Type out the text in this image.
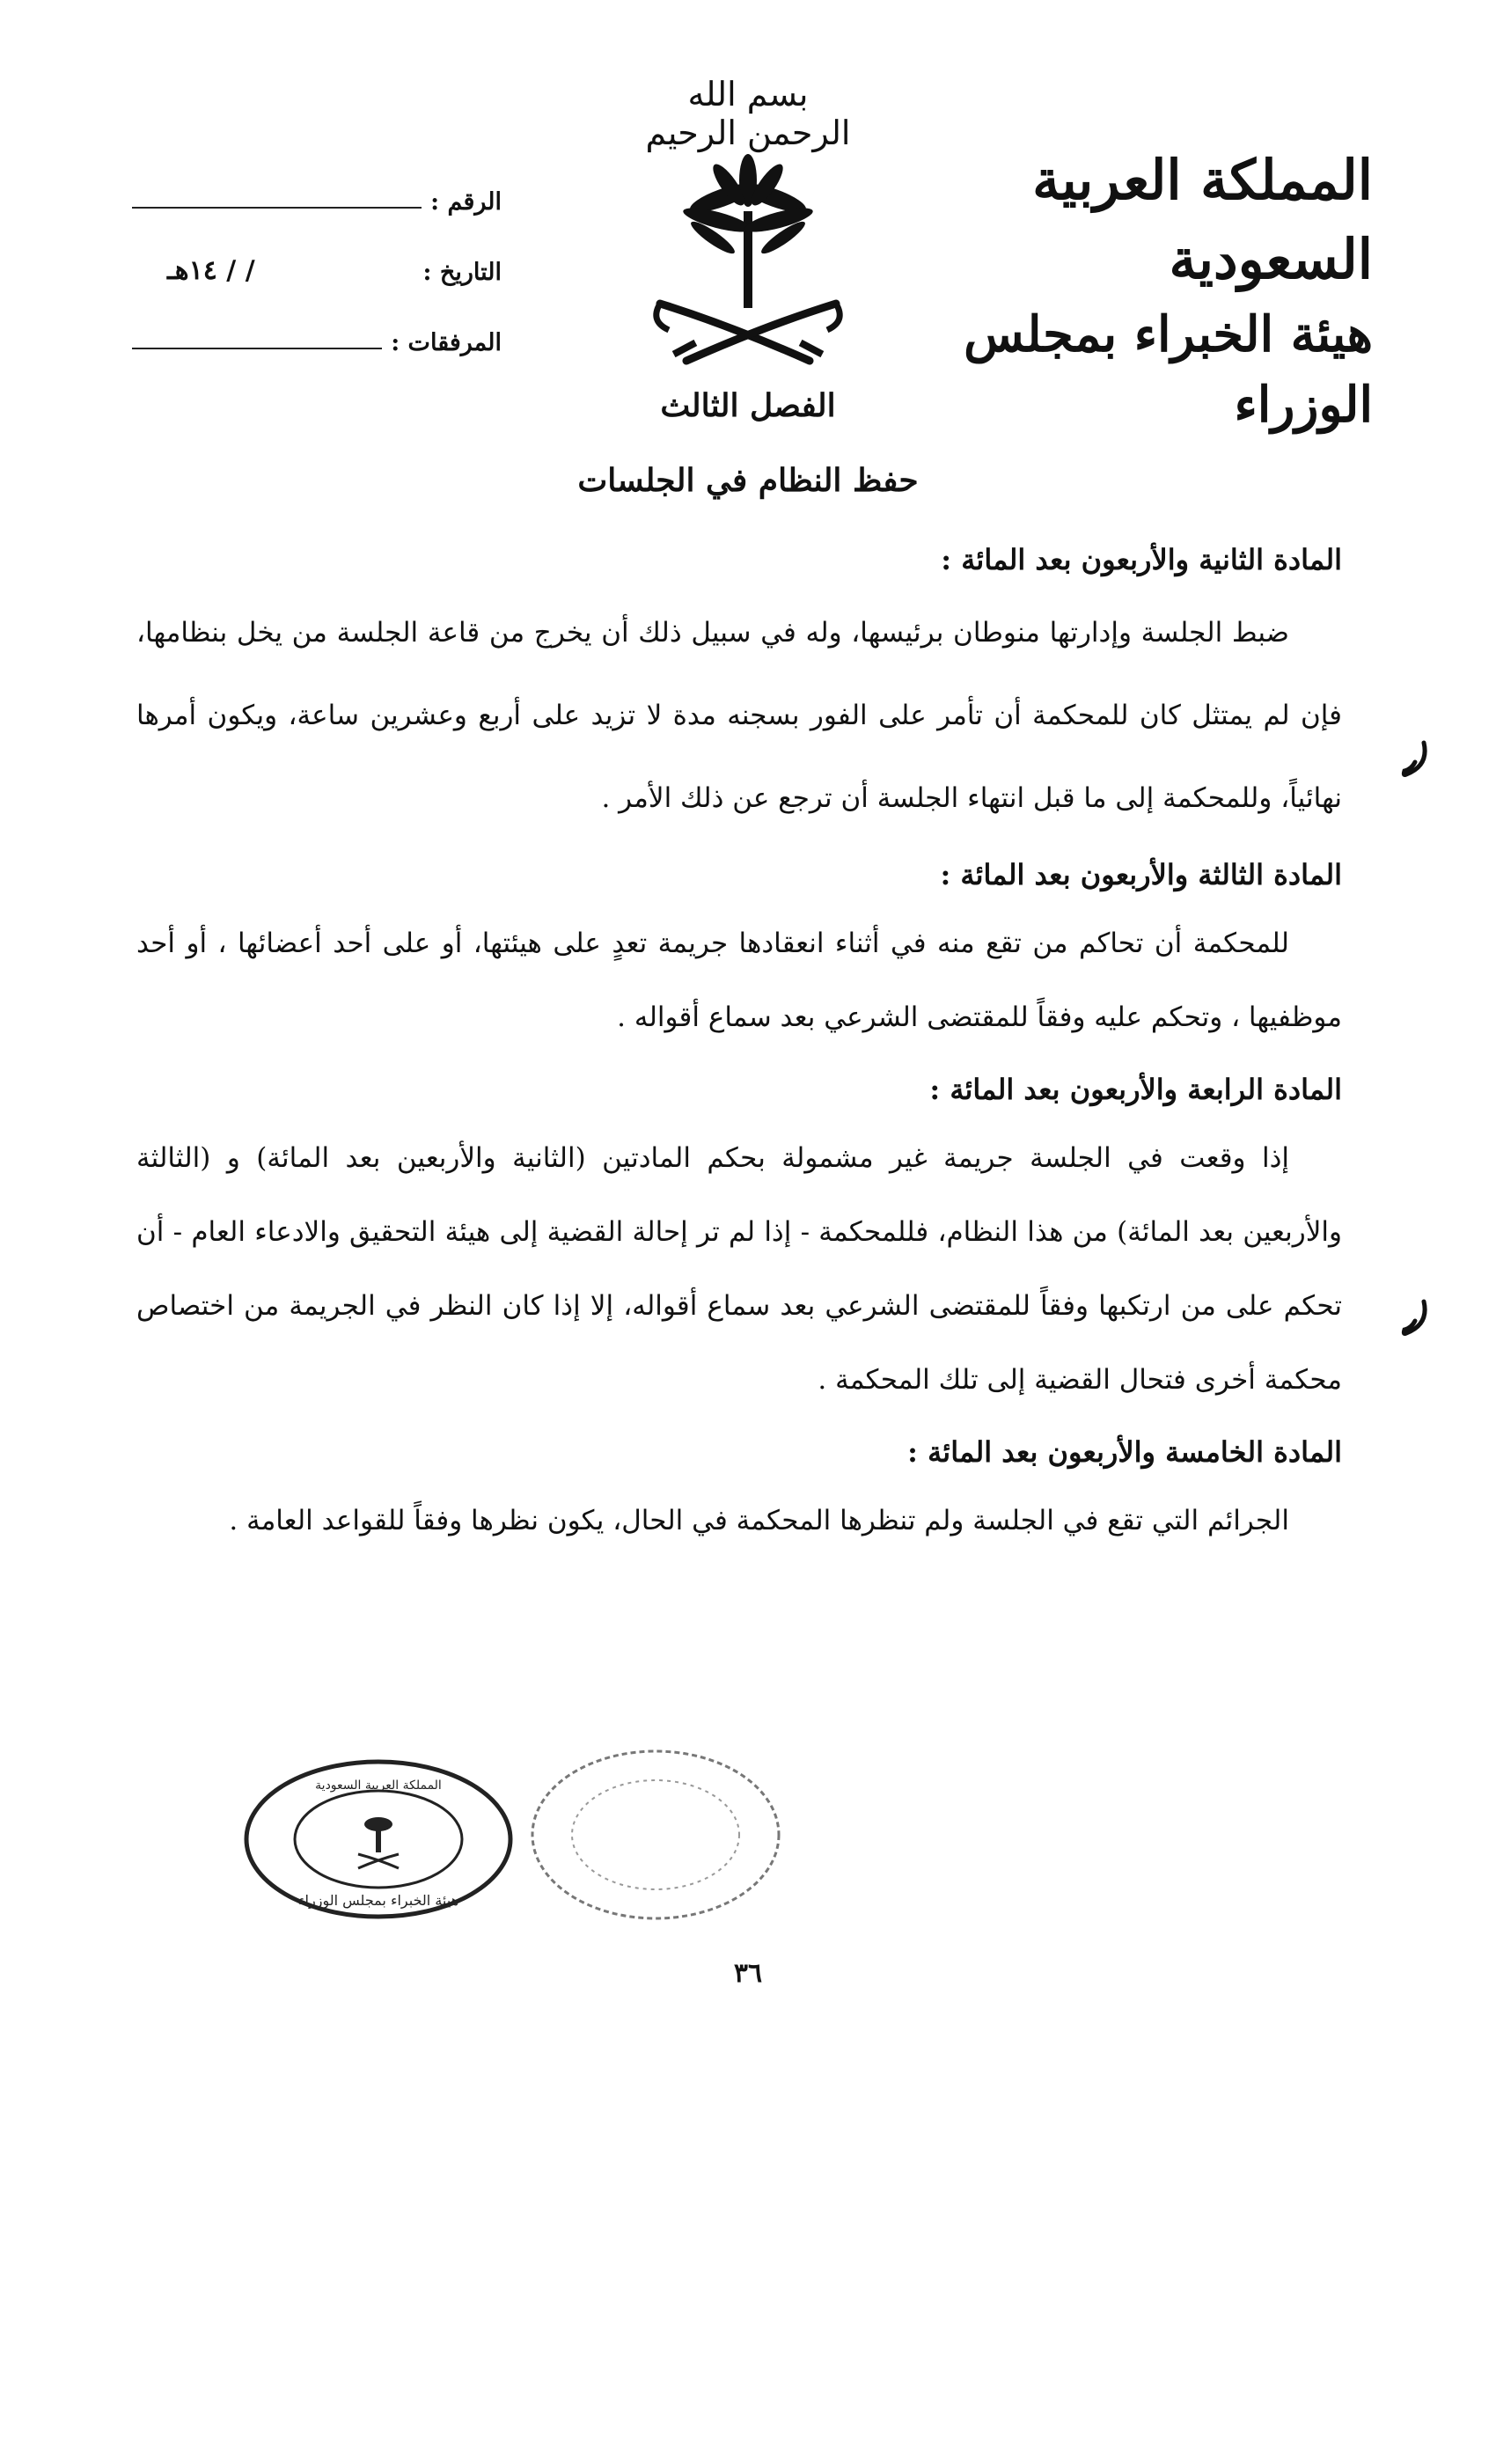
بسم الله الرحمن الرحيم
المملكة العربية السعودية
هيئة الخبراء بمجلس الوزراء
الرقم :
التاريخ :
/ / ١٤هـ
المرفقات :
الفصل الثالث
حفظ النظام في الجلسات

المادة الثانية والأربعون بعد المائة :

ضبط الجلسة وإدارتها منوطان برئيسها، وله في سبيل ذلك أن يخرج من قاعة الجلسة من يخل بنظامها، فإن لم يمتثل كان للمحكمة أن تأمر على الفور بسجنه مدة لا تزيد على أربع وعشرين ساعة، ويكون أمرها نهائياً، وللمحكمة إلى ما قبل انتهاء الجلسة أن ترجع عن ذلك الأمر .

المادة الثالثة والأربعون بعد المائة :

للمحكمة أن تحاكم من تقع منه في أثناء انعقادها جريمة تعدٍ على هيئتها، أو على أحد أعضائها ، أو أحد موظفيها ، وتحكم عليه وفقاً للمقتضى الشرعي بعد سماع أقواله .

المادة الرابعة والأربعون بعد المائة :

إذا وقعت في الجلسة جريمة غير مشمولة بحكم المادتين (الثانية والأربعين بعد المائة) و (الثالثة والأربعين بعد المائة) من هذا النظام، فللمحكمة - إذا لم تر إحالة القضية إلى هيئة التحقيق والادعاء العام - أن تحكم على من ارتكبها وفقاً للمقتضى الشرعي بعد سماع أقواله، إلا إذا كان النظر في الجريمة من اختصاص محكمة أخرى فتحال القضية إلى تلك المحكمة .

المادة الخامسة والأربعون بعد المائة :

الجرائم التي تقع في الجلسة ولم تنظرها المحكمة في الحال، يكون نظرها وفقاً للقواعد العامة .

المملكة العربية السعودية
هيئة الخبراء بمجلس الوزراء
٣٦
